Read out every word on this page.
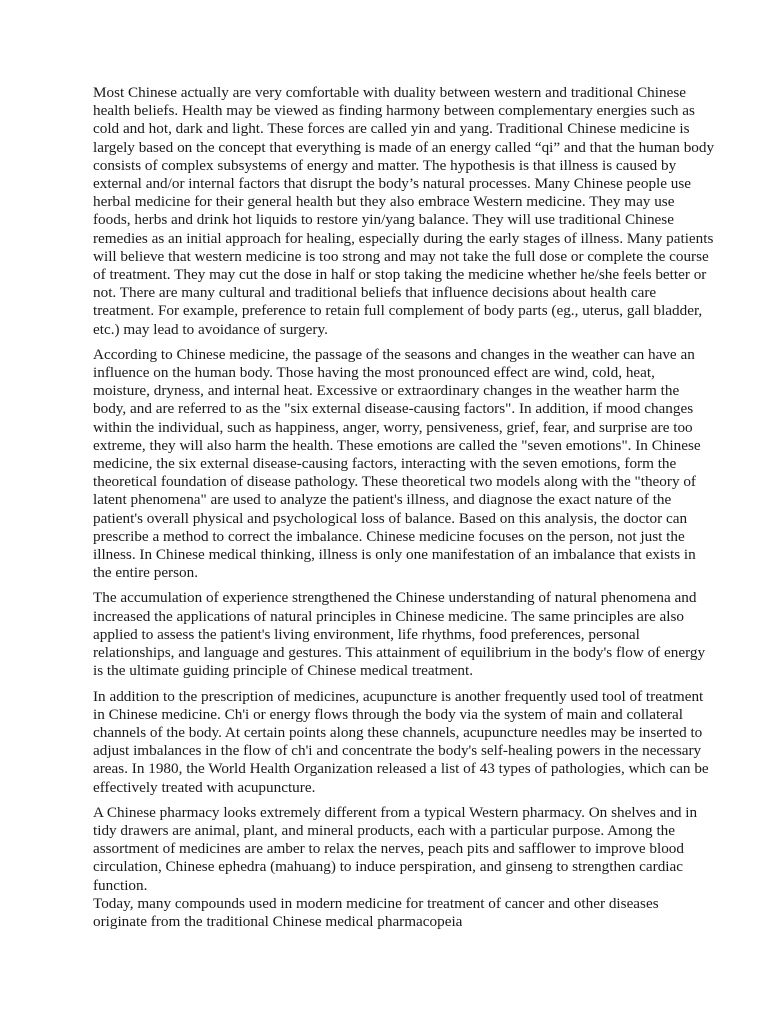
Most Chinese actually are very comfortable with duality between western and traditional Chinese health beliefs. Health may be viewed as finding harmony between complementary energies such as cold and hot, dark and light. These forces are called yin and yang. Traditional Chinese medicine is largely based on the concept that everything is made of an energy called “qi” and that the human body consists of complex subsystems of energy and matter. The hypothesis is that illness is caused by external and/or internal factors that disrupt the body’s natural processes. Many Chinese people use herbal medicine for their general health but they also embrace Western medicine. They may use foods, herbs and drink hot liquids to restore yin/yang balance. They will use traditional Chinese remedies as an initial approach for healing, especially during the early stages of illness. Many patients will believe that western medicine is too strong and may not take the full dose or complete the course of treatment. They may cut the dose in half or stop taking the medicine whether he/she feels better or not. There are many cultural and traditional beliefs that influence decisions about health care treatment. For example, preference to retain full complement of body parts (eg., uterus, gall bladder, etc.) may lead to avoidance of surgery.

According to Chinese medicine, the passage of the seasons and changes in the weather can have an influence on the human body. Those having the most pronounced effect are wind, cold, heat, moisture, dryness, and internal heat. Excessive or extraordinary changes in the weather harm the body, and are referred to as the "six external disease-causing factors". In addition, if mood changes within the individual, such as happiness, anger, worry, pensiveness, grief, fear, and surprise are too extreme, they will also harm the health. These emotions are called the "seven emotions". In Chinese medicine, the six external disease-causing factors, interacting with the seven emotions, form the theoretical foundation of disease pathology. These theoretical two models along with the "theory of latent phenomena" are used to analyze the patient's illness, and diagnose the exact nature of the patient's overall physical and psychological loss of balance. Based on this analysis, the doctor can prescribe a method to correct the imbalance. Chinese medicine focuses on the person, not just the illness. In Chinese medical thinking, illness is only one manifestation of an imbalance that exists in the entire person.

The accumulation of experience strengthened the Chinese understanding of natural phenomena and increased the applications of natural principles in Chinese medicine. The same principles are also applied to assess the patient's living environment, life rhythms, food preferences, personal relationships, and language and gestures. This attainment of equilibrium in the body's flow of energy is the ultimate guiding principle of Chinese medical treatment.

In addition to the prescription of medicines, acupuncture is another frequently used tool of treatment in Chinese medicine. Ch'i or energy flows through the body via the system of main and collateral channels of the body. At certain points along these channels, acupuncture needles may be inserted to adjust imbalances in the flow of ch'i and concentrate the body's self-healing powers in the necessary areas. In 1980, the World Health Organization released a list of 43 types of pathologies, which can be effectively treated with acupuncture.

A Chinese pharmacy looks extremely different from a typical Western pharmacy. On shelves and in tidy drawers are animal, plant, and mineral products, each with a particular purpose. Among the assortment of medicines are amber to relax the nerves, peach pits and safflower to improve blood circulation, Chinese ephedra (mahuang) to induce perspiration, and ginseng to strengthen cardiac function.

Today, many compounds used in modern medicine for treatment of cancer and other diseases originate from the traditional Chinese medical pharmacopeia
